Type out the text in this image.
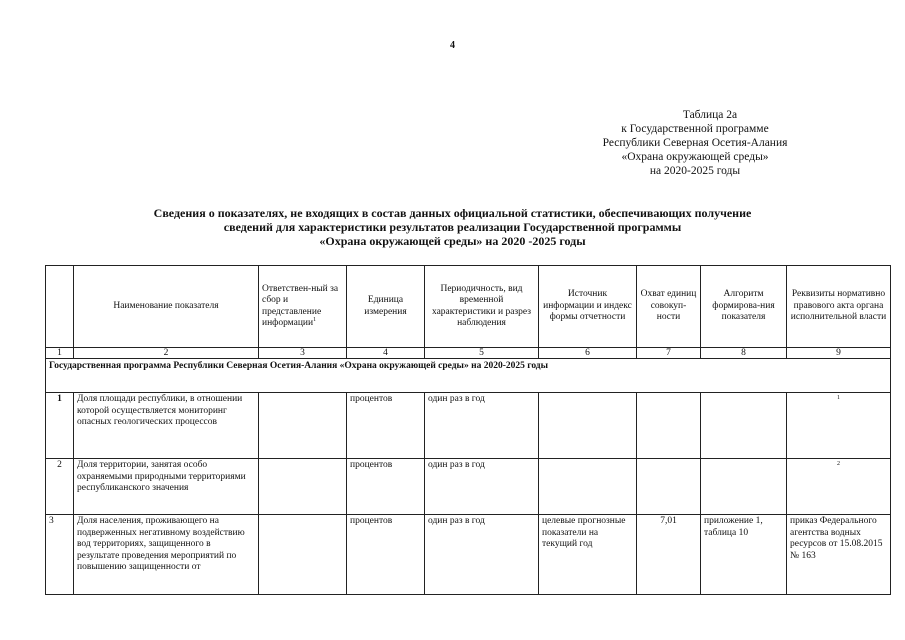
4
Таблица 2а
к Государственной программе
Республики Северная Осетия-Алания
«Охрана окружающей среды»
на 2020-2025 годы
Сведения о показателях, не входящих в состав данных официальной статистики, обеспечивающих получение
сведений для характеристики результатов реализации Государственной программы
«Охрана окружающей среды» на 2020 -2025 годы
	Наименование показателя	Ответствен-ный за сбор и представление информации$^1$	Единица измерения	Периодичность, вид временной характеристики и разрез наблюдения	Источник информации и индекс формы отчетности	Охват единиц совокуп-ности	Алгоритм формирова-ния показателя	Реквизиты нормативно правового акта органа исполнительной власти
1	2	3	4	5	6	7	8	9
Государственная программа Республики Северная Осетия-Алания «Охрана окружающей среды» на 2020-2025 годы								
1	Доля площади республики, в отношении которой осуществляется мониторинг опасных геологических процессов		процентов	один раз в год				1

2	Доля территории, занятая особо охраняемыми природными территориями республиканского значения		процентов	один раз в год				2

3	Доля населения, проживающего на подверженных негативному воздействию вод территориях, защищенного в результате проведения мероприятий по повышению защищенности от		процентов	один раз в год	целевые прогнозные показатели на текущий год	7,01	приложение 1, таблица 10	приказ Федерального агентства водных ресурсов от 15.08.2015 № 163
